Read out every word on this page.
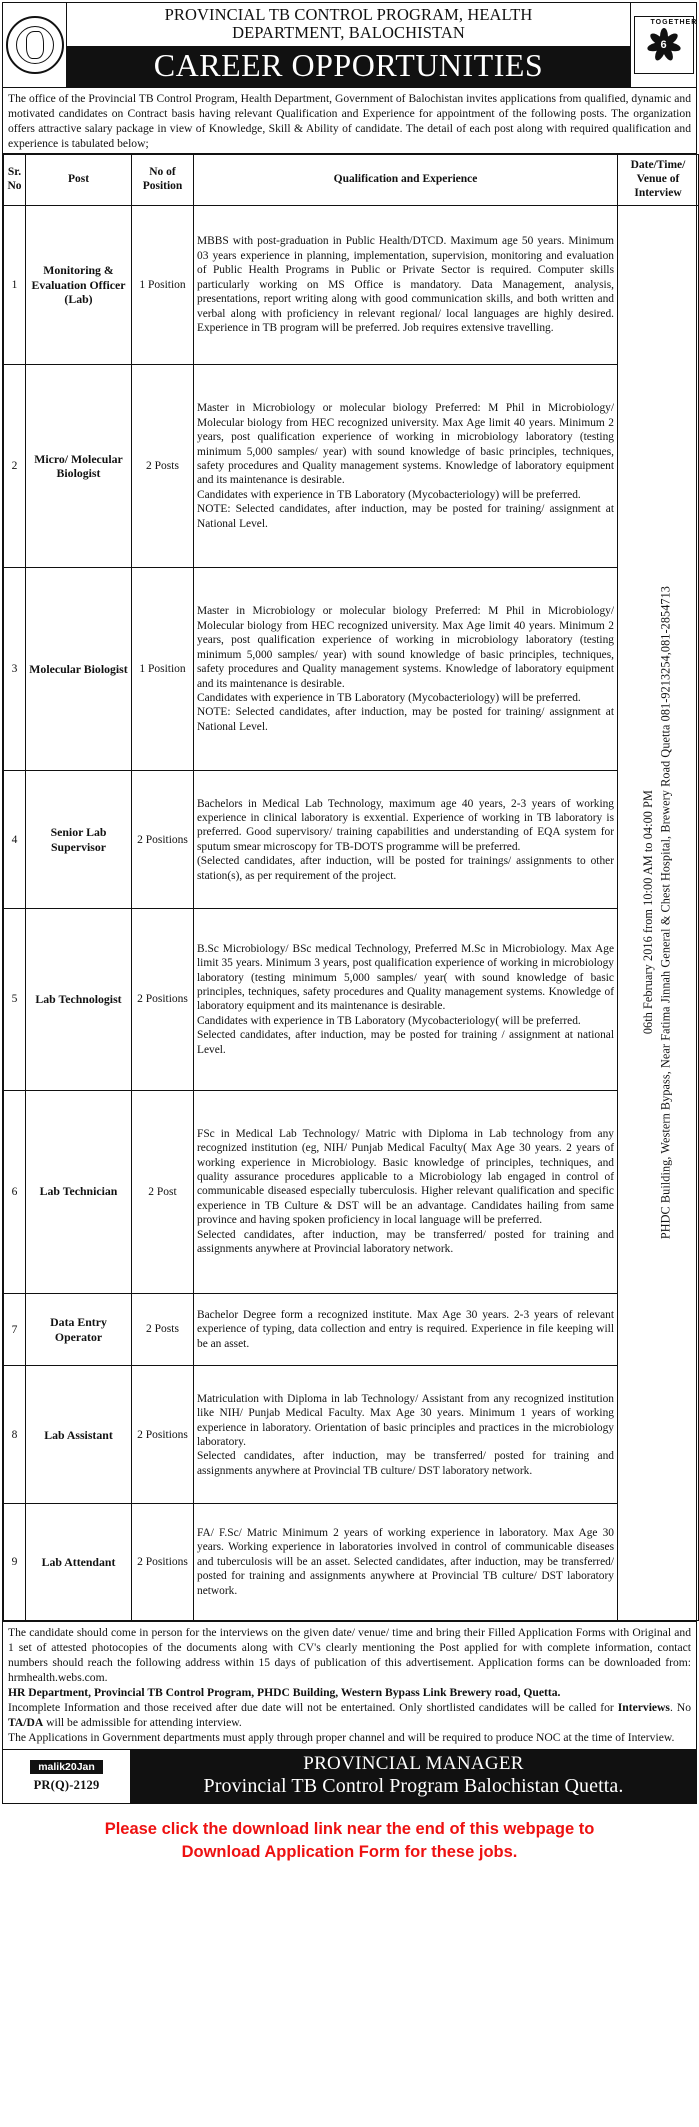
PROVINCIAL TB CONTROL PROGRAM, HEALTH
DEPARTMENT, BALOCHISTAN
CAREER OPPORTUNITIES
TOGETHER
6
The office of the Provincial TB Control Program, Health Department, Government of Balochistan invites applications from qualified, dynamic and motivated candidates on Contract basis having relevant Qualification and Experience for appointment of the following posts. The organization offers attractive salary package in view of Knowledge, Skill & Ability of candidate. The detail of each post along with required qualification and experience is tabulated below;
Sr. No	Post	No of Position	Qualification and Experience	Date/Time/ Venue of Interview
1	Monitoring & Evaluation Officer (Lab)	1 Position	MBBS with post-graduation in Public Health/DTCD. Maximum age 50 years. Minimum 03 years experience in planning, implementation, supervision, monitoring and evaluation of Public Health Programs in Public or Private Sector is required. Computer skills particularly working on MS Office is mandatory. Data Management, analysis, presentations, report writing along with good communication skills, and both written and verbal along with proficiency in relevant regional/ local languages are highly desired. Experience in TB program will be preferred. Job requires extensive travelling.	06th February 2016 from 10:00 AM to 04:00 PM PHDC Building, Western Bypass, Near Fatima Jinnah General & Chest Hospital, Brewery Road Quetta 081-9213254,081-2854713

2	Micro/ Molecular Biologist	2 Posts	Master in Microbiology or molecular biology Preferred: M Phil in Microbiology/ Molecular biology from HEC recognized university. Max Age limit 40 years. Minimum 2 years, post qualification experience of working in microbiology laboratory (testing minimum 5,000 samples/ year) with sound knowledge of basic principles, techniques, safety procedures and Quality management systems. Knowledge of laboratory equipment and its maintenance is desirable.

Candidates with experience in TB Laboratory (Mycobacteriology) will be preferred.

NOTE: Selected candidates, after induction, may be posted for training/ assignment at National Level.	

3	Molecular Biologist	1 Position	Master in Microbiology or molecular biology Preferred: M Phil in Microbiology/ Molecular biology from HEC recognized university. Max Age limit 40 years. Minimum 2 years, post qualification experience of working in microbiology laboratory (testing minimum 5,000 samples/ year) with sound knowledge of basic principles, techniques, safety procedures and Quality management systems. Knowledge of laboratory equipment and its maintenance is desirable.

Candidates with experience in TB Laboratory (Mycobacteriology) will be preferred.

NOTE: Selected candidates, after induction, may be posted for training/ assignment at National Level.	

4	Senior Lab Supervisor	2 Positions	Bachelors in Medical Lab Technology, maximum age 40 years, 2-3 years of working experience in clinical laboratory is exxential. Experience of working in TB laboratory is preferred. Good supervisory/ training capabilities and understanding of EQA system for sputum smear microscopy for TB-DOTS programme will be preferred.

(Selected candidates, after induction, will be posted for trainings/ assignments to other station(s), as per requirement of the project.	

5	Lab Technologist	2 Positions	B.Sc Microbiology/ BSc medical Technology, Preferred M.Sc in Microbiology. Max Age limit 35 years. Minimum 3 years, post qualification experience of working in microbiology laboratory (testing minimum 5,000 samples/ year( with sound knowledge of basic principles, techniques, safety procedures and Quality management systems. Knowledge of laboratory equipment and its maintenance is desirable.

Candidates with experience in TB Laboratory (Mycobacteriology( will be preferred.

Selected candidates, after induction, may be posted for training / assignment at national Level.	

6	Lab Technician	2 Post	FSc in Medical Lab Technology/ Matric with Diploma in Lab technology from any recognized institution (eg, NIH/ Punjab Medical Faculty( Max Age 30 years. 2 years of working experience in Microbiology. Basic knowledge of principles, techniques, and quality assurance procedures applicable to a Microbiology lab engaged in control of communicable diseased especially tuberculosis. Higher relevant qualification and specific experience in TB Culture & DST will be an advantage. Candidates hailing from same province and having spoken proficiency in local language will be preferred.

Selected candidates, after induction, may be transferred/ posted for training and assignments anywhere at Provincial laboratory network.	

7	Data Entry Operator	2 Posts	Bachelor Degree form a recognized institute. Max Age 30 years. 2-3 years of relevant experience of typing, data collection and entry is required. Experience in file keeping will be an asset.	

8	Lab Assistant	2 Positions	Matriculation with Diploma in lab Technology/ Assistant from any recognized institution like NIH/ Punjab Medical Faculty. Max Age 30 years. Minimum 1 years of working experience in laboratory. Orientation of basic principles and practices in the microbiology laboratory.

Selected candidates, after induction, may be transferred/ posted for training and assignments anywhere at Provincial TB culture/ DST laboratory network.	

9	Lab Attendant	2 Positions	FA/ F.Sc/ Matric Minimum 2 years of working experience in laboratory. Max Age 30 years. Working experience in laboratories involved in control of communicable diseases and tuberculosis will be an asset. Selected candidates, after induction, may be transferred/ posted for training and assignments anywhere at Provincial TB culture/ DST laboratory network.	

The candidate should come in person for the interviews on the given date/ venue/ time and bring their Filled Application Forms with Original and 1 set of attested photocopies of the documents along with CV's clearly mentioning the Post applied for with complete information, contact numbers should reach the following address within 15 days of publication of this advertisement. Application forms can be downloaded from: hrmhealth.webs.com.

HR Department, Provincial TB Control Program, PHDC Building, Western Bypass Link Brewery road, Quetta.

Incomplete Information and those received after due date will not be entertained. Only shortlisted candidates will be called for Interviews. No TA/DA will be admissible for attending interview.

The Applications in Government departments must apply through proper channel and will be required to produce NOC at the time of Interview.

malik20Jan
PR(Q)-2129
PROVINCIAL MANAGER
Provincial TB Control Program Balochistan Quetta.
Please click the download link near the end of this webpage to
Download Application Form for these jobs.
